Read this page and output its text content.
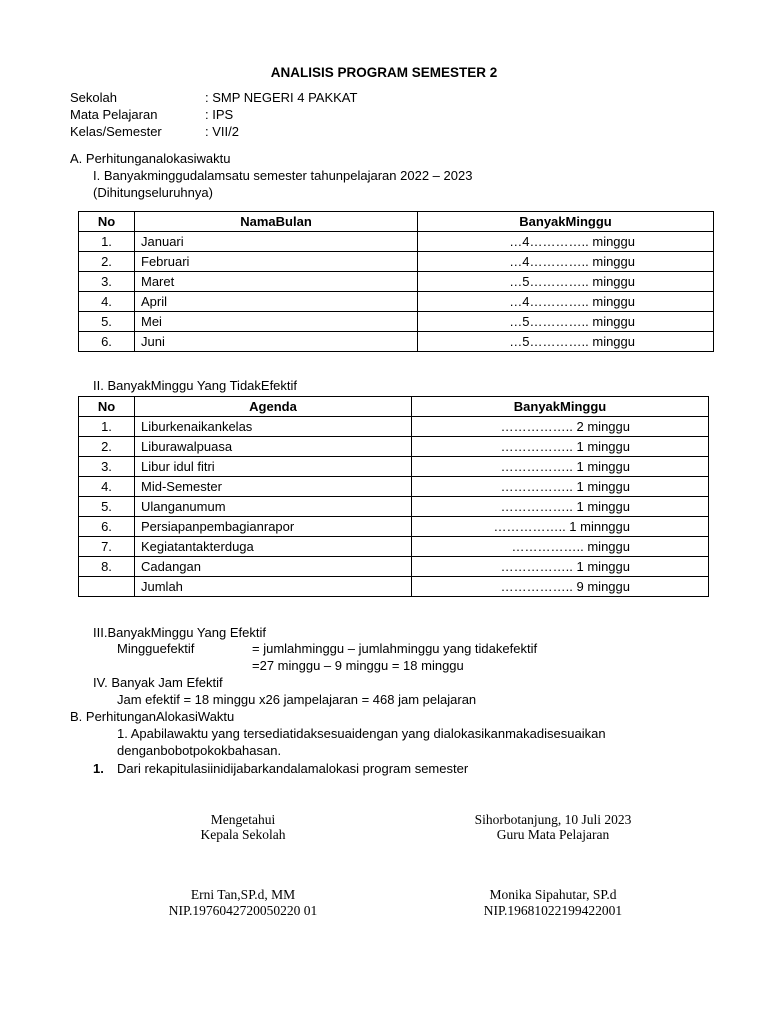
ANALISIS PROGRAM SEMESTER 2
Sekolah	: SMP NEGERI 4 PAKKAT
Mata Pelajaran	: IPS
Kelas/Semester	: VII/2
A. Perhitunganalokasiwaktu
I. Banyakminggudalamsatu semester tahunpelajaran 2022 – 2023
(Dihitungseluruhnya)
No	NamaBulan	BanyakMinggu
1.	Januari	…4………….. minggu
2.	Februari	…4………….. minggu
3.	Maret	…5………….. minggu
4.	April	…4………….. minggu
5.	Mei	…5………….. minggu
6.	Juni	…5………….. minggu
II. BanyakMinggu Yang TidakEfektif
No	Agenda	BanyakMinggu
1.	Liburkenaikankelas	…………….. 2 minggu
2.	Liburawalpuasa	…………….. 1 minggu
3.	Libur idul fitri	…………….. 1 minggu
4.	Mid-Semester	…………….. 1 minggu
5.	Ulanganumum	…………….. 1 minggu
6.	Persiapanpembagianrapor	…………….. 1 minnggu
7.	Kegiatantakterduga	…………….. minggu
8.	Cadangan	…………….. 1 minggu
	Jumlah	…………….. 9 minggu
III.BanyakMinggu Yang Efektif
Mingguefektif	= jumlahminggu – jumlahminggu yang tidakefektif
=27 minggu – 9 minggu = 18 minggu
IV. Banyak Jam Efektif
Jam efektif = 18 minggu x26 jampelajaran = 468 jam pelajaran
B. PerhitunganAlokasiWaktu
1. Apabilawaktu yang tersediatidaksesuaidengan yang dialokasikanmakadisesuaikan
denganbobotpokokbahasan.
1. Dari rekapitulasiinidijabarkandalamalokasi program semester
Mengetahui
Kepala Sekolah
Erni Tan,SP.d, MM
NIP.1976042720050220 01
Sihorbotanjung, 10 Juli 2023
Guru Mata Pelajaran
Monika Sipahutar, SP.d
NIP.19681022199422001
